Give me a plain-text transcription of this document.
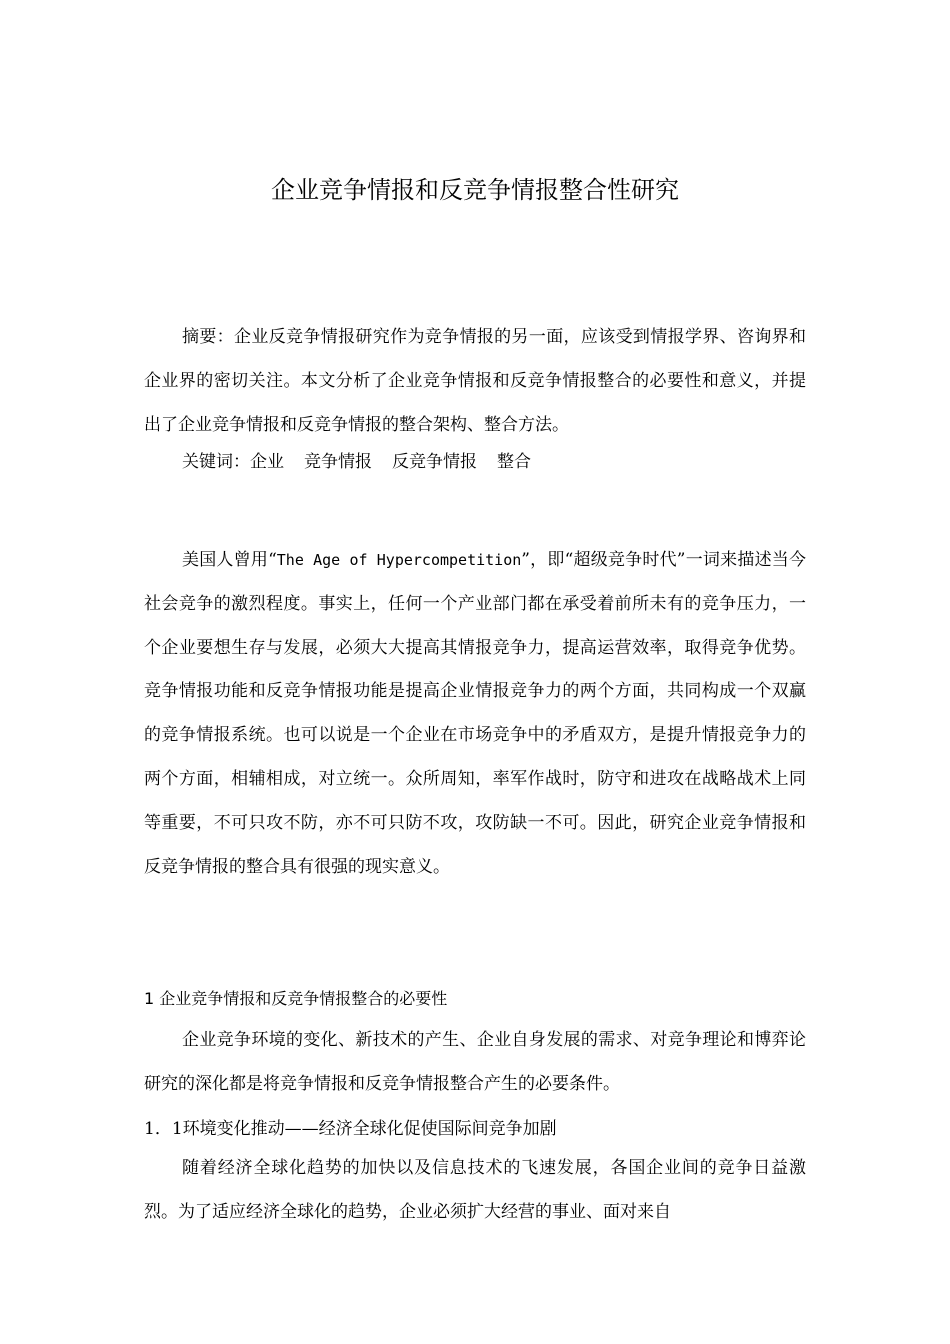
企业竞争情报和反竞争情报整合性研究

摘要：企业反竞争情报研究作为竞争情报的另一面，应该受到情报学界、咨询界和企业界的密切关注。本文分析了企业竞争情报和反竞争情报整合的必要性和意义，并提出了企业竞争情报和反竞争情报的整合架构、整合方法。

关键词：企业 竞争情报 反竞争情报 整合

美国人曾用“The Age of Hypercompetition”，即“超级竞争时代”一词来描述当今社会竞争的激烈程度。事实上，任何一个产业部门都在承受着前所未有的竞争压力，一个企业要想生存与发展，必须大大提高其情报竞争力，提高运营效率，取得竞争优势。竞争情报功能和反竞争情报功能是提高企业情报竞争力的两个方面，共同构成一个双赢的竞争情报系统。也可以说是一个企业在市场竞争中的矛盾双方，是提升情报竞争力的两个方面，相辅相成，对立统一。众所周知，率军作战时，防守和进攻在战略战术上同等重要，不可只攻不防，亦不可只防不攻，攻防缺一不可。因此，研究企业竞争情报和反竞争情报的整合具有很强的现实意义。

1 企业竞争情报和反竞争情报整合的必要性

企业竞争环境的变化、新技术的产生、企业自身发展的需求、对竞争理论和博弈论研究的深化都是将竞争情报和反竞争情报整合产生的必要条件。

1．1环境变化推动——经济全球化促使国际间竞争加剧

随着经济全球化趋势的加快以及信息技术的飞速发展，各国企业间的竞争日益激烈。为了适应经济全球化的趋势，企业必须扩大经营的事业、面对来自
